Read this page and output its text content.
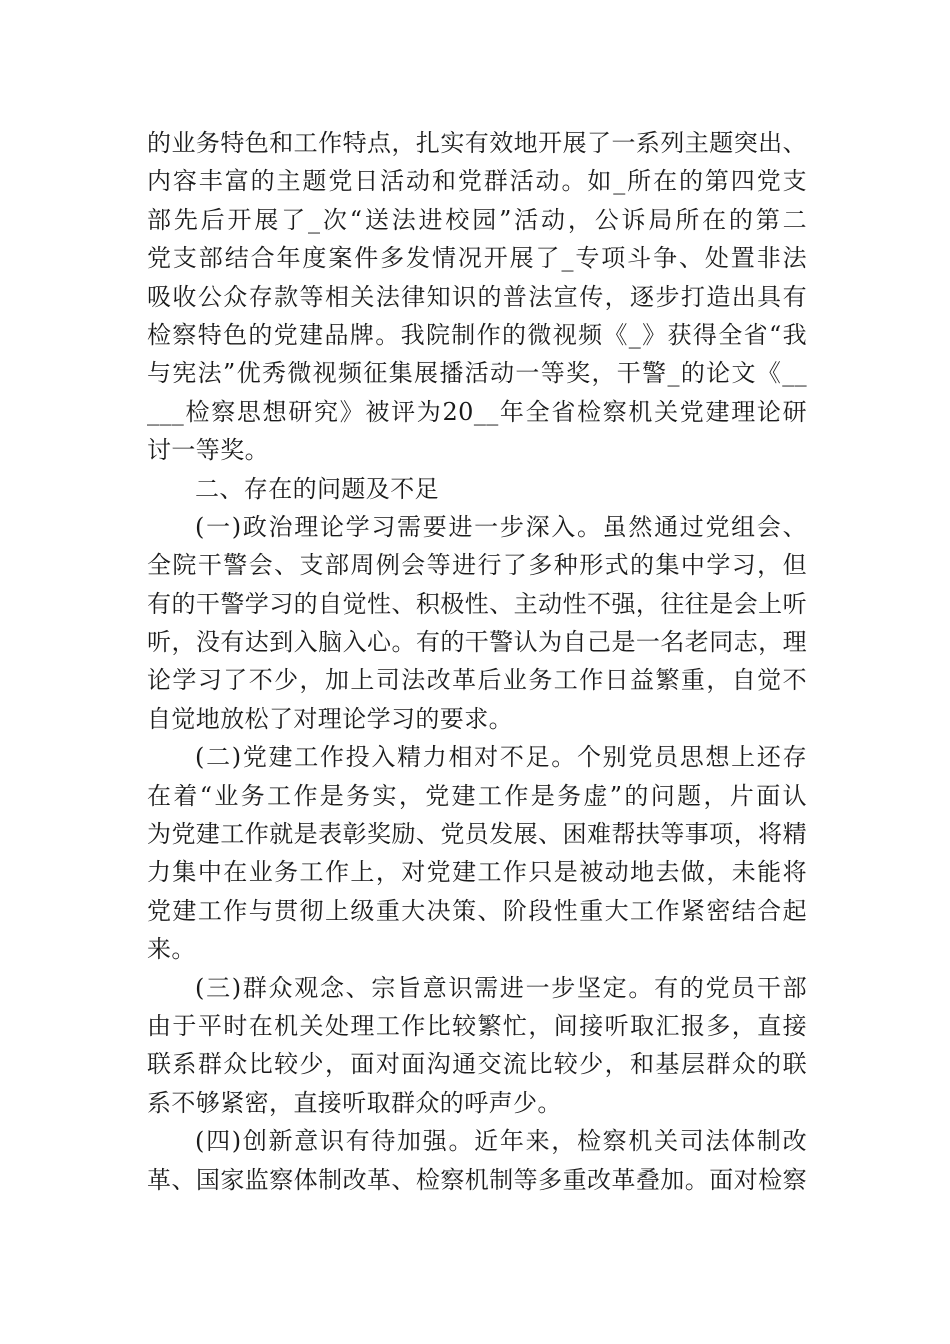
的业务特色和工作特点，扎实有效地开展了一系列主题突出、
内容丰富的主题党日活动和党群活动。如_所在的第四党支
部先后开展了_次“送法进校园”活动，公诉局所在的第二
党支部结合年度案件多发情况开展了_专项斗争、处置非法
吸收公众存款等相关法律知识的普法宣传，逐步打造出具有
检察特色的党建品牌。我院制作的微视频《_》获得全省“我
与宪法”优秀微视频征集展播活动一等奖，干警_的论文《__
___检察思想研究》被评为20__年全省检察机关党建理论研
讨一等奖。
二、存在的问题及不足
(一)政治理论学习需要进一步深入。虽然通过党组会、
全院干警会、支部周例会等进行了多种形式的集中学习，但
有的干警学习的自觉性、积极性、主动性不强，往往是会上听
听，没有达到入脑入心。有的干警认为自己是一名老同志，理
论学习了不少，加上司法改革后业务工作日益繁重，自觉不
自觉地放松了对理论学习的要求。
(二)党建工作投入精力相对不足。个别党员思想上还存
在着“业务工作是务实，党建工作是务虚”的问题，片面认
为党建工作就是表彰奖励、党员发展、困难帮扶等事项，将精
力集中在业务工作上，对党建工作只是被动地去做，未能将
党建工作与贯彻上级重大决策、阶段性重大工作紧密结合起
来。
(三)群众观念、宗旨意识需进一步坚定。有的党员干部
由于平时在机关处理工作比较繁忙，间接听取汇报多，直接
联系群众比较少，面对面沟通交流比较少，和基层群众的联
系不够紧密，直接听取群众的呼声少。
(四)创新意识有待加强。近年来，检察机关司法体制改
革、国家监察体制改革、检察机制等多重改革叠加。面对检察
